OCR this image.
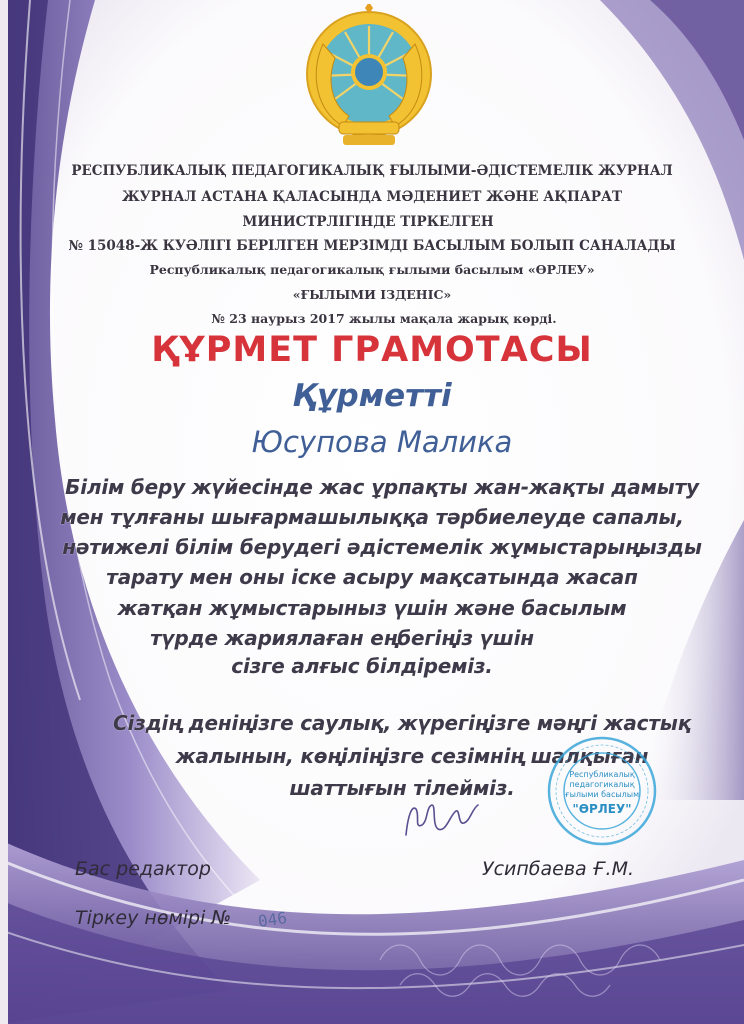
РЕСПУБЛИКАЛЫҚ ПЕДАГОГИКАЛЫҚ ҒЫЛЫМИ-ӘДІСТЕМЕЛІК ЖУРНАЛ
ЖУРНАЛ АСТАНА ҚАЛАСЫНДА МӘДЕНИЕТ ЖӘНЕ АҚПАРАТ
МИНИСТРЛІГІНДЕ ТІРКЕЛГЕН
№ 15048-Ж КУӘЛІГІ БЕРІЛГЕН МЕРЗІМДІ БАСЫЛЫМ БОЛЫП САНАЛАДЫ
Республикалық педагогикалық ғылыми басылым «ӨРЛЕУ»
«ҒЫЛЫМИ ІЗДЕНІС»
№ 23 наурыз 2017 жылы мақала жарық көрді.
ҚҰРМЕТ ГРАМОТАСЫ
Құрметті
Юсупова Малика
Білім беру жүйесінде жас ұрпақты жан-жақты дамыту
мен тұлғаны шығармашылыққа тәрбиелеуде сапалы,
нәтижелі білім берудегі әдістемелік жұмыстарыңызды
тарату мен оны іске асыру мақсатында жасап
жатқан жұмыстарыныз үшін және басылым
түрде жариялаған еңбегіңіз үшін
сізге алғыс білдіреміз.
Сіздің денiңізге саулық, жүрегіңізге мәңгі жастық
жалынын, көңіліңізге сезімнің шалқыған
шаттығын тілейміз.
Республикалық
педагогикалық
ғылыми басылым
"ӨРЛЕУ"
Бас редактор	Усипбаева Ғ.М.
Тіркеу нөмірі № 046
